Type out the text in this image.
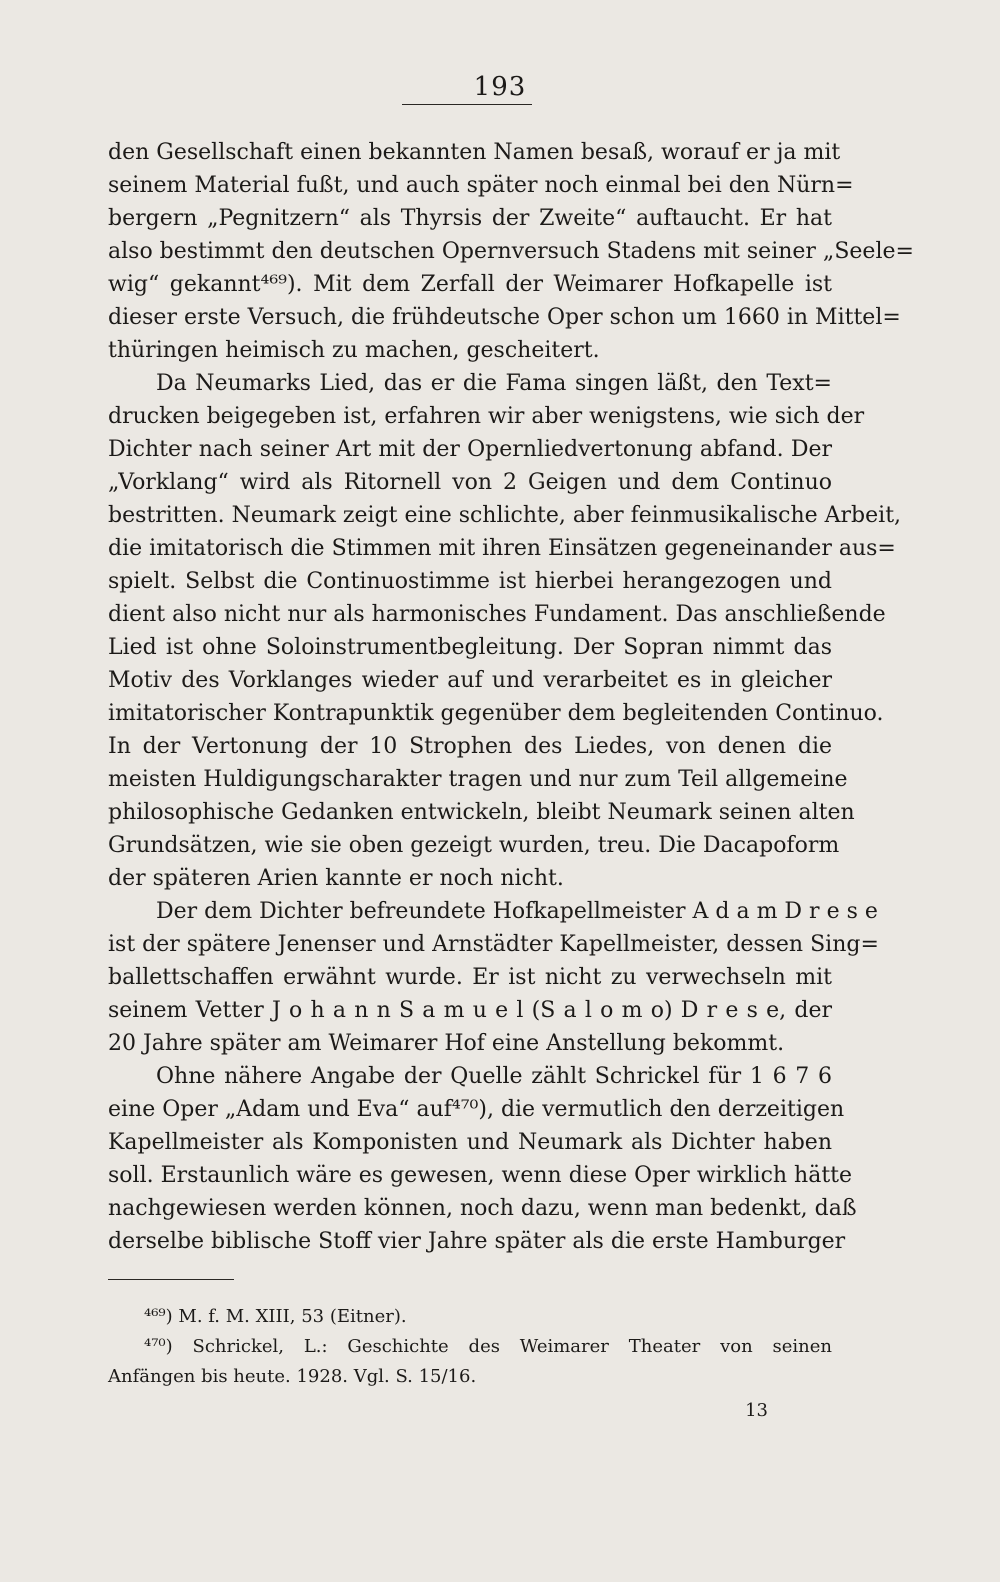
193
den Gesellschaft einen bekannten Namen besaß, worauf er ja mit
seinem Material fußt, und auch später noch einmal bei den Nürn=
bergern „Pegnitzern“ als Thyrsis der Zweite“ auftaucht. Er hat
also bestimmt den deutschen Opernversuch Stadens mit seiner „Seele=
wig“ gekannt⁴⁶⁹). Mit dem Zerfall der Weimarer Hofkapelle ist
dieser erste Versuch, die frühdeutsche Oper schon um 1660 in Mittel=
thüringen heimisch zu machen, gescheitert.
Da Neumarks Lied, das er die Fama singen läßt, den Text=
drucken beigegeben ist, erfahren wir aber wenigstens, wie sich der
Dichter nach seiner Art mit der Opernliedvertonung abfand. Der
„Vorklang“ wird als Ritornell von 2 Geigen und dem Continuo
bestritten. Neumark zeigt eine schlichte, aber feinmusikalische Arbeit,
die imitatorisch die Stimmen mit ihren Einsätzen gegeneinander aus=
spielt. Selbst die Continuostimme ist hierbei herangezogen und
dient also nicht nur als harmonisches Fundament. Das anschließende
Lied ist ohne Soloinstrumentbegleitung. Der Sopran nimmt das
Motiv des Vorklanges wieder auf und verarbeitet es in gleicher
imitatorischer Kontrapunktik gegenüber dem begleitenden Continuo.
In der Vertonung der 10 Strophen des Liedes, von denen die
meisten Huldigungscharakter tragen und nur zum Teil allgemeine
philosophische Gedanken entwickeln, bleibt Neumark seinen alten
Grundsätzen, wie sie oben gezeigt wurden, treu. Die Dacapoform
der späteren Arien kannte er noch nicht.
Der dem Dichter befreundete Hofkapellmeister A d a m D r e s e
ist der spätere Jenenser und Arnstädter Kapellmeister, dessen Sing=
ballettschaffen erwähnt wurde. Er ist nicht zu verwechseln mit
seinem Vetter J o h a n n S a m u e l (S a l o m o) D r e s e, der
20 Jahre später am Weimarer Hof eine Anstellung bekommt.
Ohne nähere Angabe der Quelle zählt Schrickel für 1 6 7 6
eine Oper „Adam und Eva“ auf⁴⁷⁰), die vermutlich den derzeitigen
Kapellmeister als Komponisten und Neumark als Dichter haben
soll. Erstaunlich wäre es gewesen, wenn diese Oper wirklich hätte
nachgewiesen werden können, noch dazu, wenn man bedenkt, daß
derselbe biblische Stoff vier Jahre später als die erste Hamburger
⁴⁶⁹) M. f. M. XIII, 53 (Eitner).
⁴⁷⁰) Schrickel, L.: Geschichte des Weimarer Theater von seinen
Anfängen bis heute. 1928. Vgl. S. 15/16.
13
